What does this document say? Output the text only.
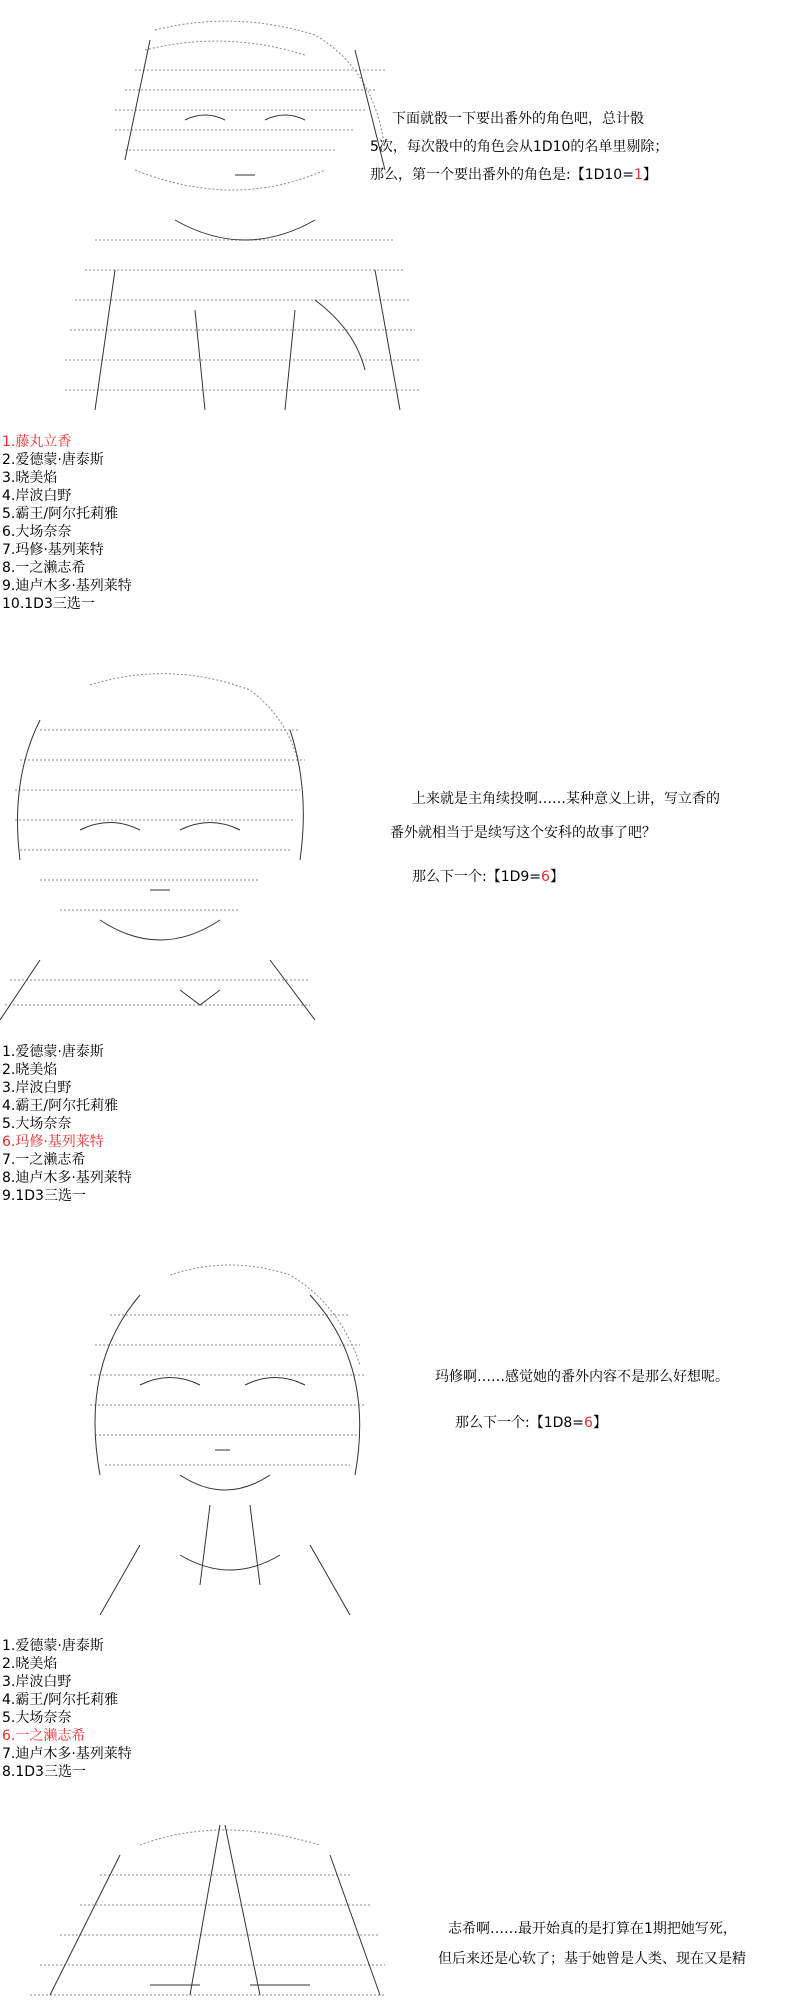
下面就骰一下要出番外的角色吧，总计骰

5次，每次骰中的角色会从1D10的名单里剔除；

那么，第一个要出番外的角色是:【1D10=1】

1.藤丸立香
2.爱德蒙·唐泰斯
3.晓美焰
4.岸波白野
5.霸王/阿尔托莉雅
6.大场奈奈
7.玛修·基列莱特
8.一之濑志希
9.迪卢木多·基列莱特
10.1D3三选一

上来就是主角续投啊……某种意义上讲，写立香的

番外就相当于是续写这个安科的故事了吧？

那么下一个:【1D9=6】

1.爱德蒙·唐泰斯
2.晓美焰
3.岸波白野
4.霸王/阿尔托莉雅
5.大场奈奈
6.玛修·基列莱特
7.一之濑志希
8.迪卢木多·基列莱特
9.1D3三选一

玛修啊……感觉她的番外内容不是那么好想呢。

那么下一个:【1D8=6】

1.爱德蒙·唐泰斯
2.晓美焰
3.岸波白野
4.霸王/阿尔托莉雅
5.大场奈奈
6.一之濑志希
7.迪卢木多·基列莱特
8.1D3三选一

志希啊……最开始真的是打算在1期把她写死，

但后来还是心软了；基于她曾是人类、现在又是精
